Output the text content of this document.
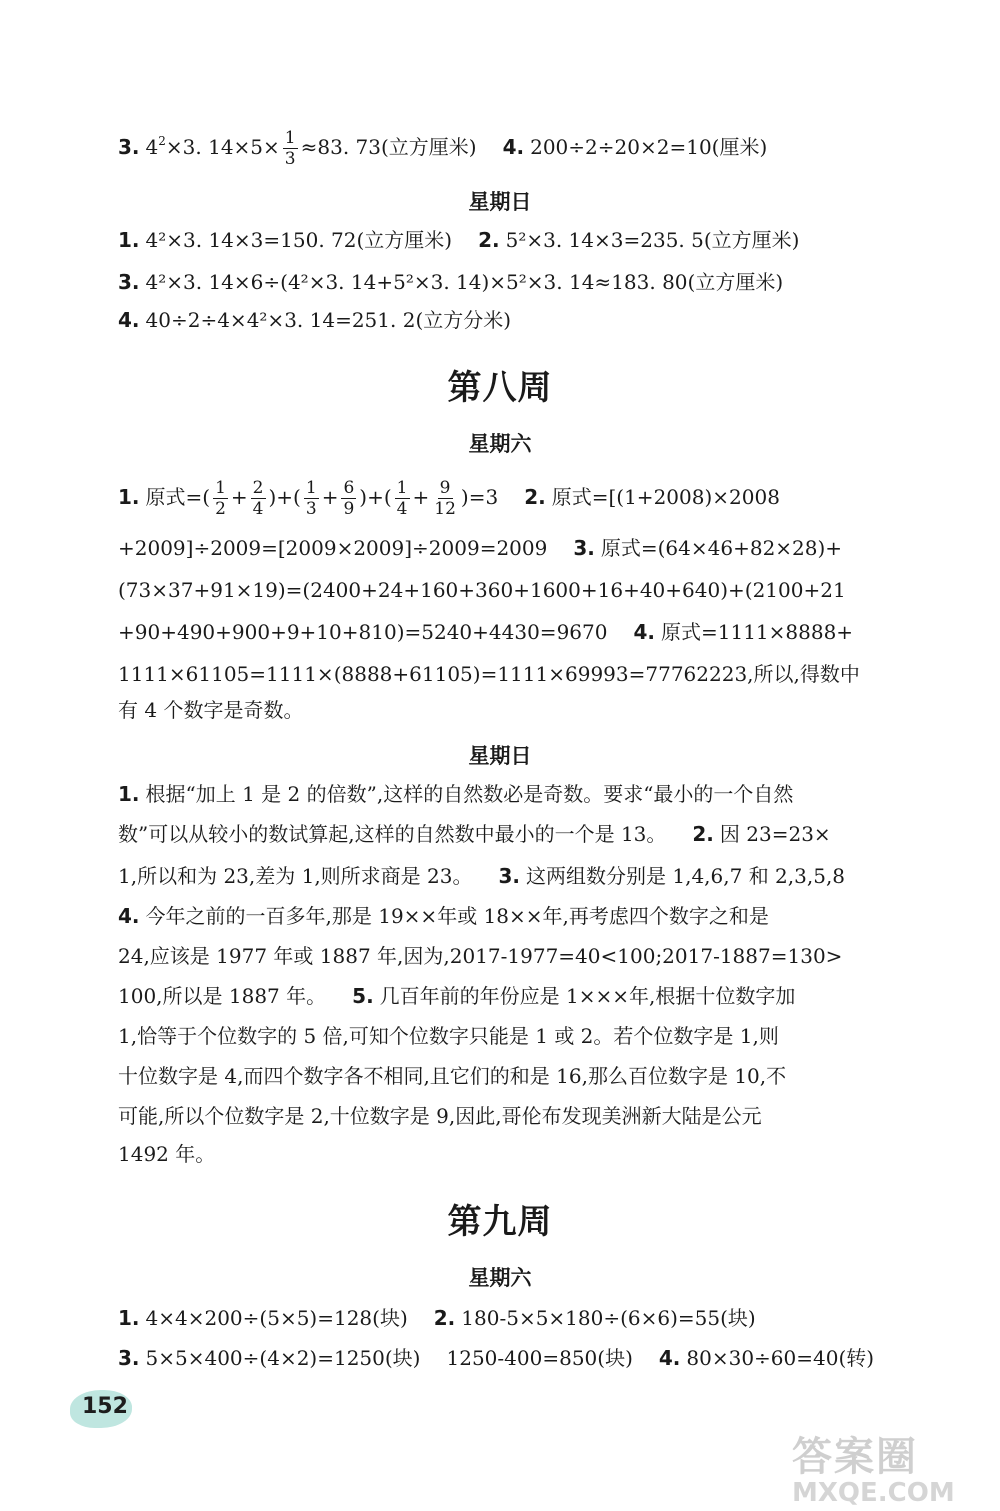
3. $4^2\times 3$. $14\times 5\times \frac{1}{3} \approx 83$. 73(立方厘米) 4. 200÷2÷20×2=10(厘米)
星期日
1. 4²×3. 14×3=150. 72(立方厘米) 2. 5²×3. 14×3=235. 5(立方厘米)
3. 4²×3. 14×6÷(4²×3. 14+5²×3. 14)×5²×3. 14≈183. 80(立方厘米)
4. 40÷2÷4×4²×3. 14=251. 2(立方分米)
第八周
星期六
1. 原式=( $\frac{1}{2} + \frac{2}{4}$ )+( $\frac{1}{3} + \frac{6}{9}$ )+( $\frac{1}{4} + \frac{9}{12} )=3$ 2. 原式=[(1+2008)×2008
+2009]÷2009=[2009×2009]÷2009=2009 3. 原式=(64×46+82×28)+
(73×37+91×19)=(2400+24+160+360+1600+16+40+640)+(2100+21
+90+490+900+9+10+810)=5240+4430=9670 4. 原式=1111×8888+
1111×61105=1111×(8888+61105)=1111×69993=77762223,所以,得数中
有 4 个数字是奇数。
星期日
1. 根据“加上 1 是 2 的倍数”,这样的自然数必是奇数。要求“最小的一个自然
数”可以从较小的数试算起,这样的自然数中最小的一个是 13。 2. 因 23=23×
1,所以和为 23,差为 1,则所求商是 23。 3. 这两组数分别是 1,4,6,7 和 2,3,5,8
4. 今年之前的一百多年,那是 19××年或 18××年,再考虑四个数字之和是
24,应该是 1977 年或 1887 年,因为,2017-1977=40<100;2017-1887=130>
100,所以是 1887 年。 5. 几百年前的年份应是 1×××年,根据十位数字加
1,恰等于个位数字的 5 倍,可知个位数字只能是 1 或 2。若个位数字是 1,则
十位数字是 4,而四个数字各不相同,且它们的和是 16,那么百位数字是 10,不
可能,所以个位数字是 2,十位数字是 9,因此,哥伦布发现美洲新大陆是公元
1492 年。
第九周
星期六
1. 4×4×200÷(5×5)=128(块) 2. 180-5×5×180÷(6×6)=55(块)
3. 5×5×400÷(4×2)=1250(块) 1250-400=850(块) 4. 80×30÷60=40(转)
152
答案圈
MXQE.COM
